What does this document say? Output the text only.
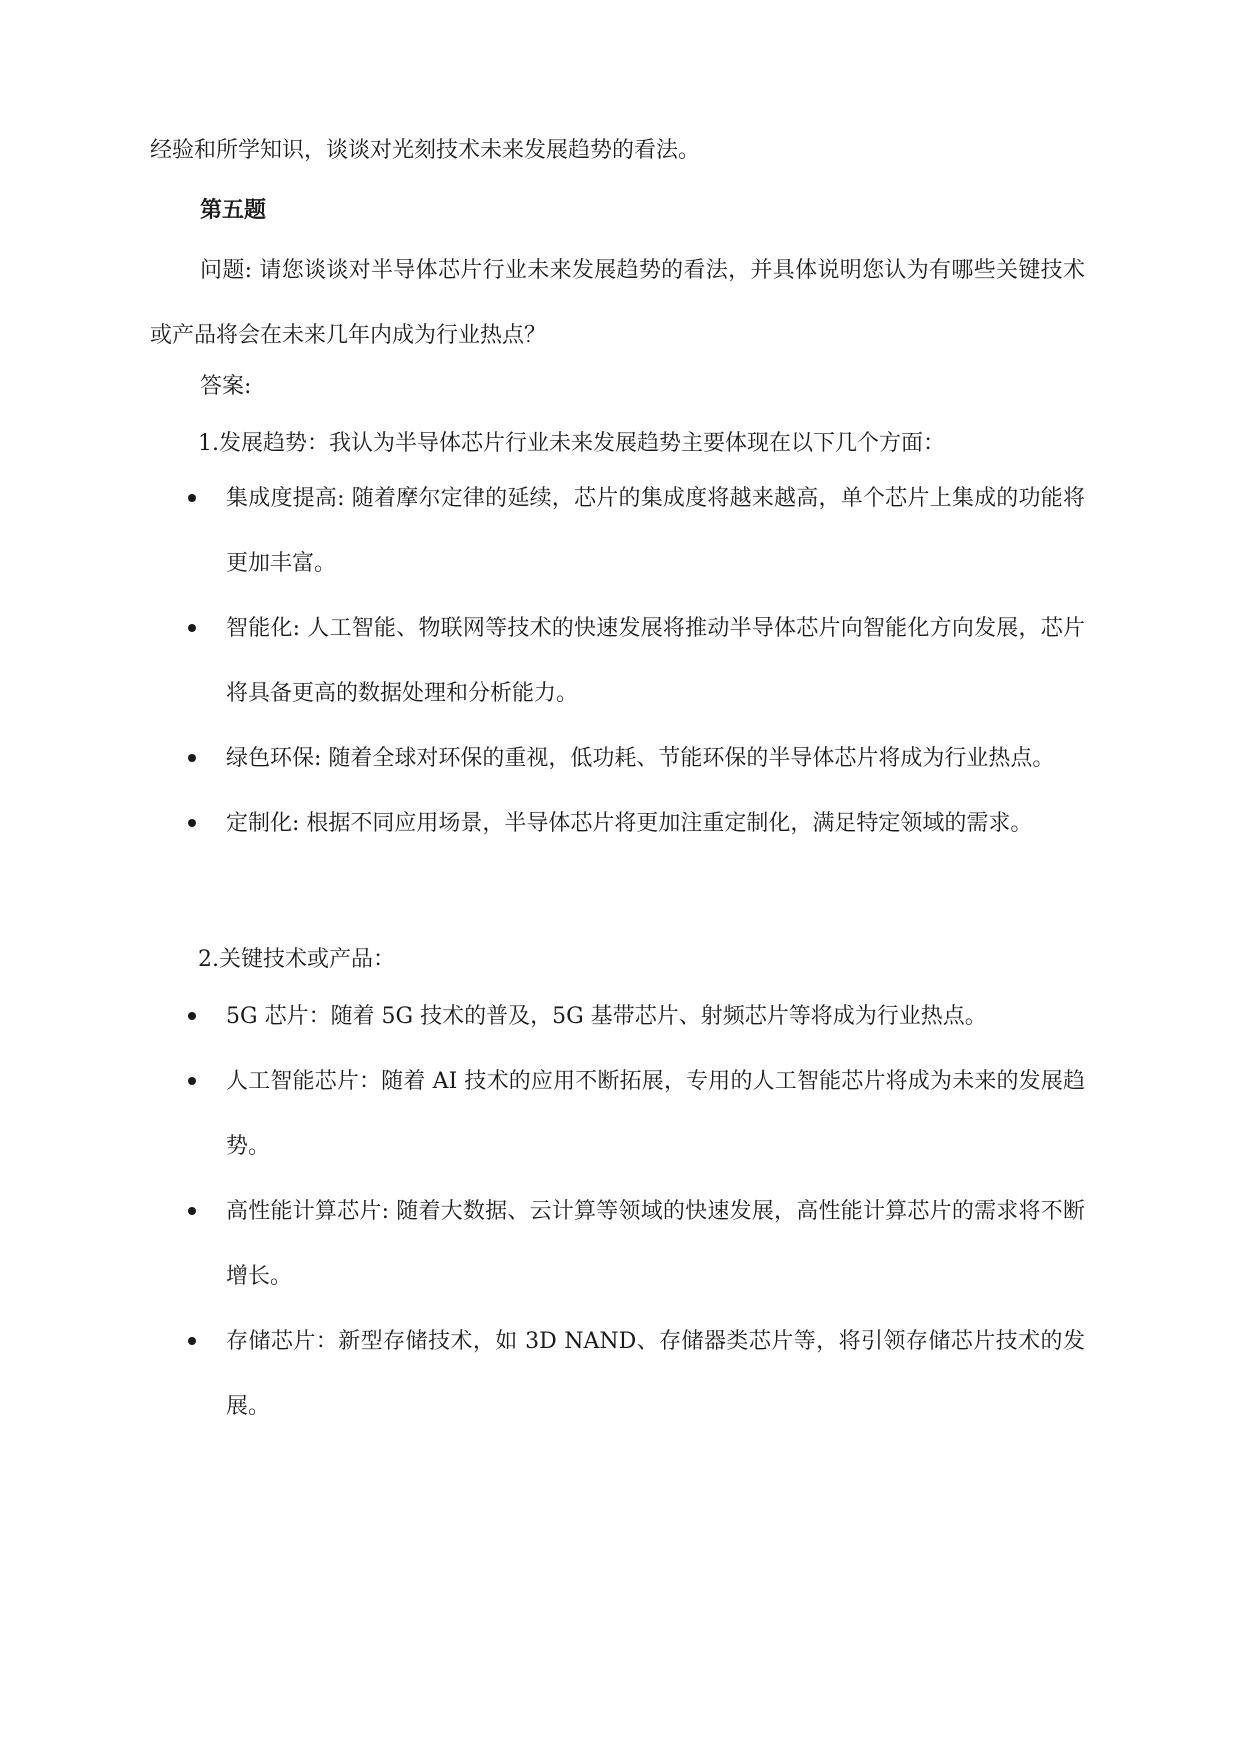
经验和所学知识，谈谈对光刻技术未来发展趋势的看法。

第五题

问题: 请您谈谈对半导体芯片行业未来发展趋势的看法，并具体说明您认为有哪些关键技术或产品将会在未来几年内成为行业热点？

答案:

1.发展趋势：我认为半导体芯片行业未来发展趋势主要体现在以下几个方面：

集成度提高: 随着摩尔定律的延续，芯片的集成度将越来越高，单个芯片上集成的功能将更加丰富。
智能化: 人工智能、物联网等技术的快速发展将推动半导体芯片向智能化方向发展，芯片将具备更高的数据处理和分析能力。
绿色环保: 随着全球对环保的重视，低功耗、节能环保的半导体芯片将成为行业热点。
定制化: 根据不同应用场景，半导体芯片将更加注重定制化，满足特定领域的需求。

2.关键技术或产品：

5G 芯片：随着 5G 技术的普及，5G 基带芯片、射频芯片等将成为行业热点。
人工智能芯片：随着 AI 技术的应用不断拓展，专用的人工智能芯片将成为未来的发展趋势。
高性能计算芯片: 随着大数据、云计算等领域的快速发展，高性能计算芯片的需求将不断增长。
存储芯片：新型存储技术，如 3D NAND、存储器类芯片等，将引领存储芯片技术的发展。
